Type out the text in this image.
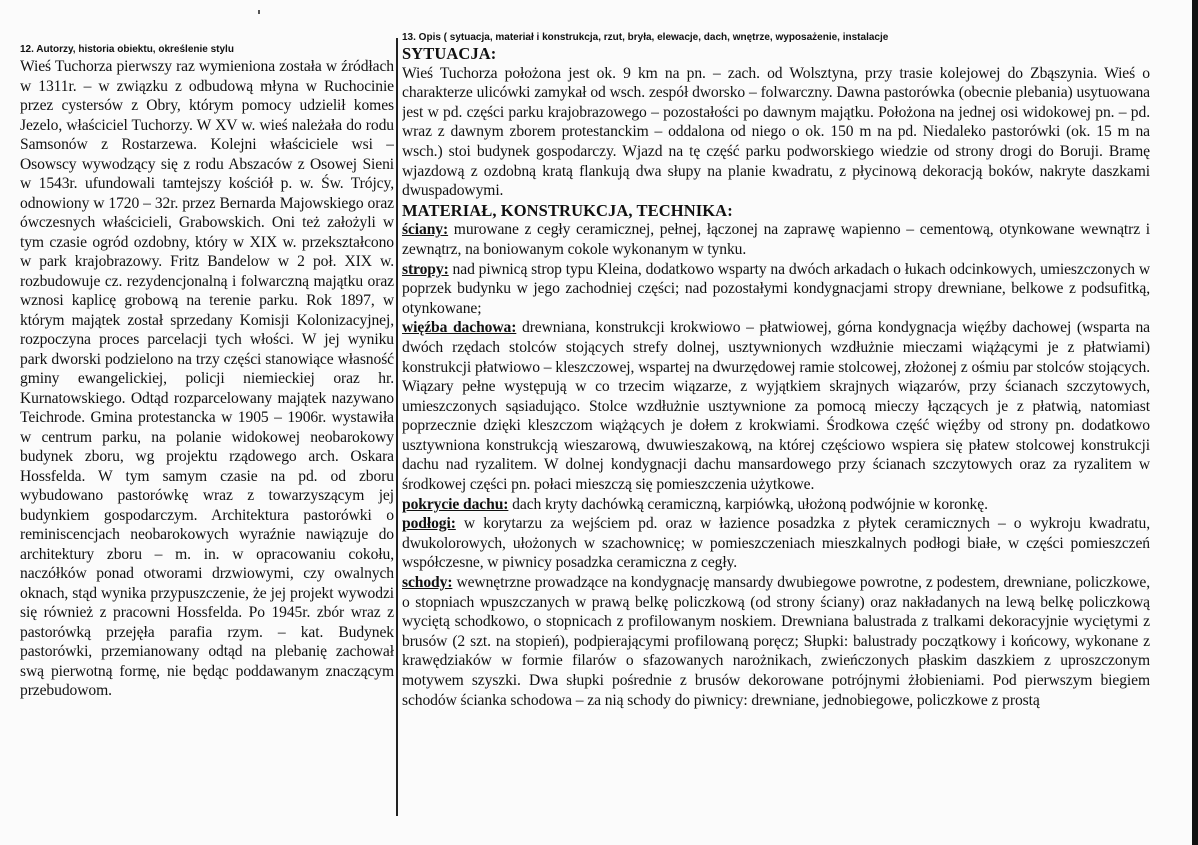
12. Autorzy, historia obiektu, określenie stylu

Wieś Tuchorza pierwszy raz wymieniona została w źródłach w 1311r. – w związku z odbudową młyna w Ruchocinie przez cystersów z Obry, którym pomocy udzielił komes Jezelo, właściciel Tuchorzy. W XV w. wieś należała do rodu Samsonów z Rostarzewa. Kolejni właściciele wsi – Osowscy wywodzący się z rodu Abszaców z Osowej Sieni w 1543r. ufundowali tamtejszy kościół p. w. Św. Trójcy, odnowiony w 1720 – 32r. przez Bernarda Majowskiego oraz ówczesnych właścicieli, Grabowskich. Oni też założyli w tym czasie ogród ozdobny, który w XIX w. przekształcono w park krajobrazowy. Fritz Bandelow w 2 poł. XIX w. rozbudowuje cz. rezydencjonalną i folwarczną majątku oraz wznosi kaplicę grobową na terenie parku. Rok 1897, w którym majątek został sprzedany Komisji Kolonizacyjnej, rozpoczyna proces parcelacji tych włości. W jej wyniku park dworski podzielono na trzy części stanowiące własność gminy ewangelickiej, policji niemieckiej oraz hr. Kurnatowskiego. Odtąd rozparcelowany majątek nazywano Teichrode. Gmina protestancka w 1905 – 1906r. wystawiła w centrum parku, na polanie widokowej neobarokowy budynek zboru, wg projektu rządowego arch. Oskara Hossfelda. W tym samym czasie na pd. od zboru wybudowano pastorówkę wraz z towarzyszącym jej budynkiem gospodarczym. Architektura pastorówki o reminiscencjach neobarokowych wyraźnie nawiązuje do architektury zboru – m. in. w opracowaniu cokołu, naczółków ponad otworami drzwiowymi, czy owalnych oknach, stąd wynika przypuszczenie, że jej projekt wywodzi się również z pracowni Hossfelda. Po 1945r. zbór wraz z pastorówką przejęła parafia rzym. – kat. Budynek pastorówki, przemianowany odtąd na plebanię zachował swą pierwotną formę, nie będąc poddawanym znaczącym przebudowom.

13. Opis ( sytuacja, materiał i konstrukcja, rzut, bryła, elewacje, dach, wnętrze, wyposażenie, instalacje

SYTUACJA:

Wieś Tuchorza położona jest ok. 9 km na pn. – zach. od Wolsztyna, przy trasie kolejowej do Zbąszynia. Wieś o charakterze ulicówki zamykał od wsch. zespół dworsko – folwarczny. Dawna pastorówka (obecnie plebania) usytuowana jest w pd. części parku krajobrazowego – pozostałości po dawnym majątku. Położona na jednej osi widokowej pn. – pd. wraz z dawnym zborem protestanckim – oddalona od niego o ok. 150 m na pd. Niedaleko pastorówki (ok. 15 m na wsch.) stoi budynek gospodarczy. Wjazd na tę część parku podworskiego wiedzie od strony drogi do Boruji. Bramę wjazdową z ozdobną kratą flankują dwa słupy na planie kwadratu, z płycinową dekoracją boków, nakryte daszkami dwuspadowymi.

MATERIAŁ, KONSTRUKCJA, TECHNIKA:

ściany: murowane z cegły ceramicznej, pełnej, łączonej na zaprawę wapienno – cementową, otynkowane wewnątrz i zewnątrz, na boniowanym cokole wykonanym w tynku.

stropy: nad piwnicą strop typu Kleina, dodatkowo wsparty na dwóch arkadach o łukach odcinkowych, umieszczonych w poprzek budynku w jego zachodniej części; nad pozostałymi kondygnacjami stropy drewniane, belkowe z podsufitką, otynkowane;

więźba dachowa: drewniana, konstrukcji krokwiowo – płatwiowej, górna kondygnacja więźby dachowej (wsparta na dwóch rzędach stolców stojących strefy dolnej, usztywnionych wzdłużnie mieczami wiążącymi je z płatwiami) konstrukcji płatwiowo – kleszczowej, wspartej na dwurzędowej ramie stolcowej, złożonej z ośmiu par stolców stojących. Wiązary pełne występują w co trzecim wiązarze, z wyjątkiem skrajnych wiązarów, przy ścianach szczytowych, umieszczonych sąsiadująco. Stolce wzdłużnie usztywnione za pomocą mieczy łączących je z płatwią, natomiast poprzecznie dzięki kleszczom wiążących je dołem z krokwiami. Środkowa część więźby od strony pn. dodatkowo usztywniona konstrukcją wieszarową, dwuwieszakową, na której częściowo wspiera się płatew stolcowej konstrukcji dachu nad ryzalitem. W dolnej kondygnacji dachu mansardowego przy ścianach szczytowych oraz za ryzalitem w środkowej części pn. połaci mieszczą się pomieszczenia użytkowe.

pokrycie dachu: dach kryty dachówką ceramiczną, karpiówką, ułożoną podwójnie w koronkę.

podłogi: w korytarzu za wejściem pd. oraz w łazience posadzka z płytek ceramicznych – o wykroju kwadratu, dwukolorowych, ułożonych w szachownicę; w pomieszczeniach mieszkalnych podłogi białe, w części pomieszczeń współczesne, w piwnicy posadzka ceramiczna z cegły.

schody: wewnętrzne prowadzące na kondygnację mansardy dwubiegowe powrotne, z podestem, drewniane, policzkowe, o stopniach wpuszczanych w prawą belkę policzkową (od strony ściany) oraz nakładanych na lewą belkę policzkową wyciętą schodkowo, o stopnicach z profilowanym noskiem. Drewniana balustrada z tralkami dekoracyjnie wyciętymi z brusów (2 szt. na stopień), podpierającymi profilowaną poręcz; Słupki: balustrady początkowy i końcowy, wykonane z krawędziaków w formie filarów o sfazowanych narożnikach, zwieńczonych płaskim daszkiem z uproszczonym motywem szyszki. Dwa słupki pośrednie z brusów dekorowane potrójnymi żłobieniami. Pod pierwszym biegiem schodów ścianka schodowa – za nią schody do piwnicy: drewniane, jednobiegowe, policzkowe z prostą
